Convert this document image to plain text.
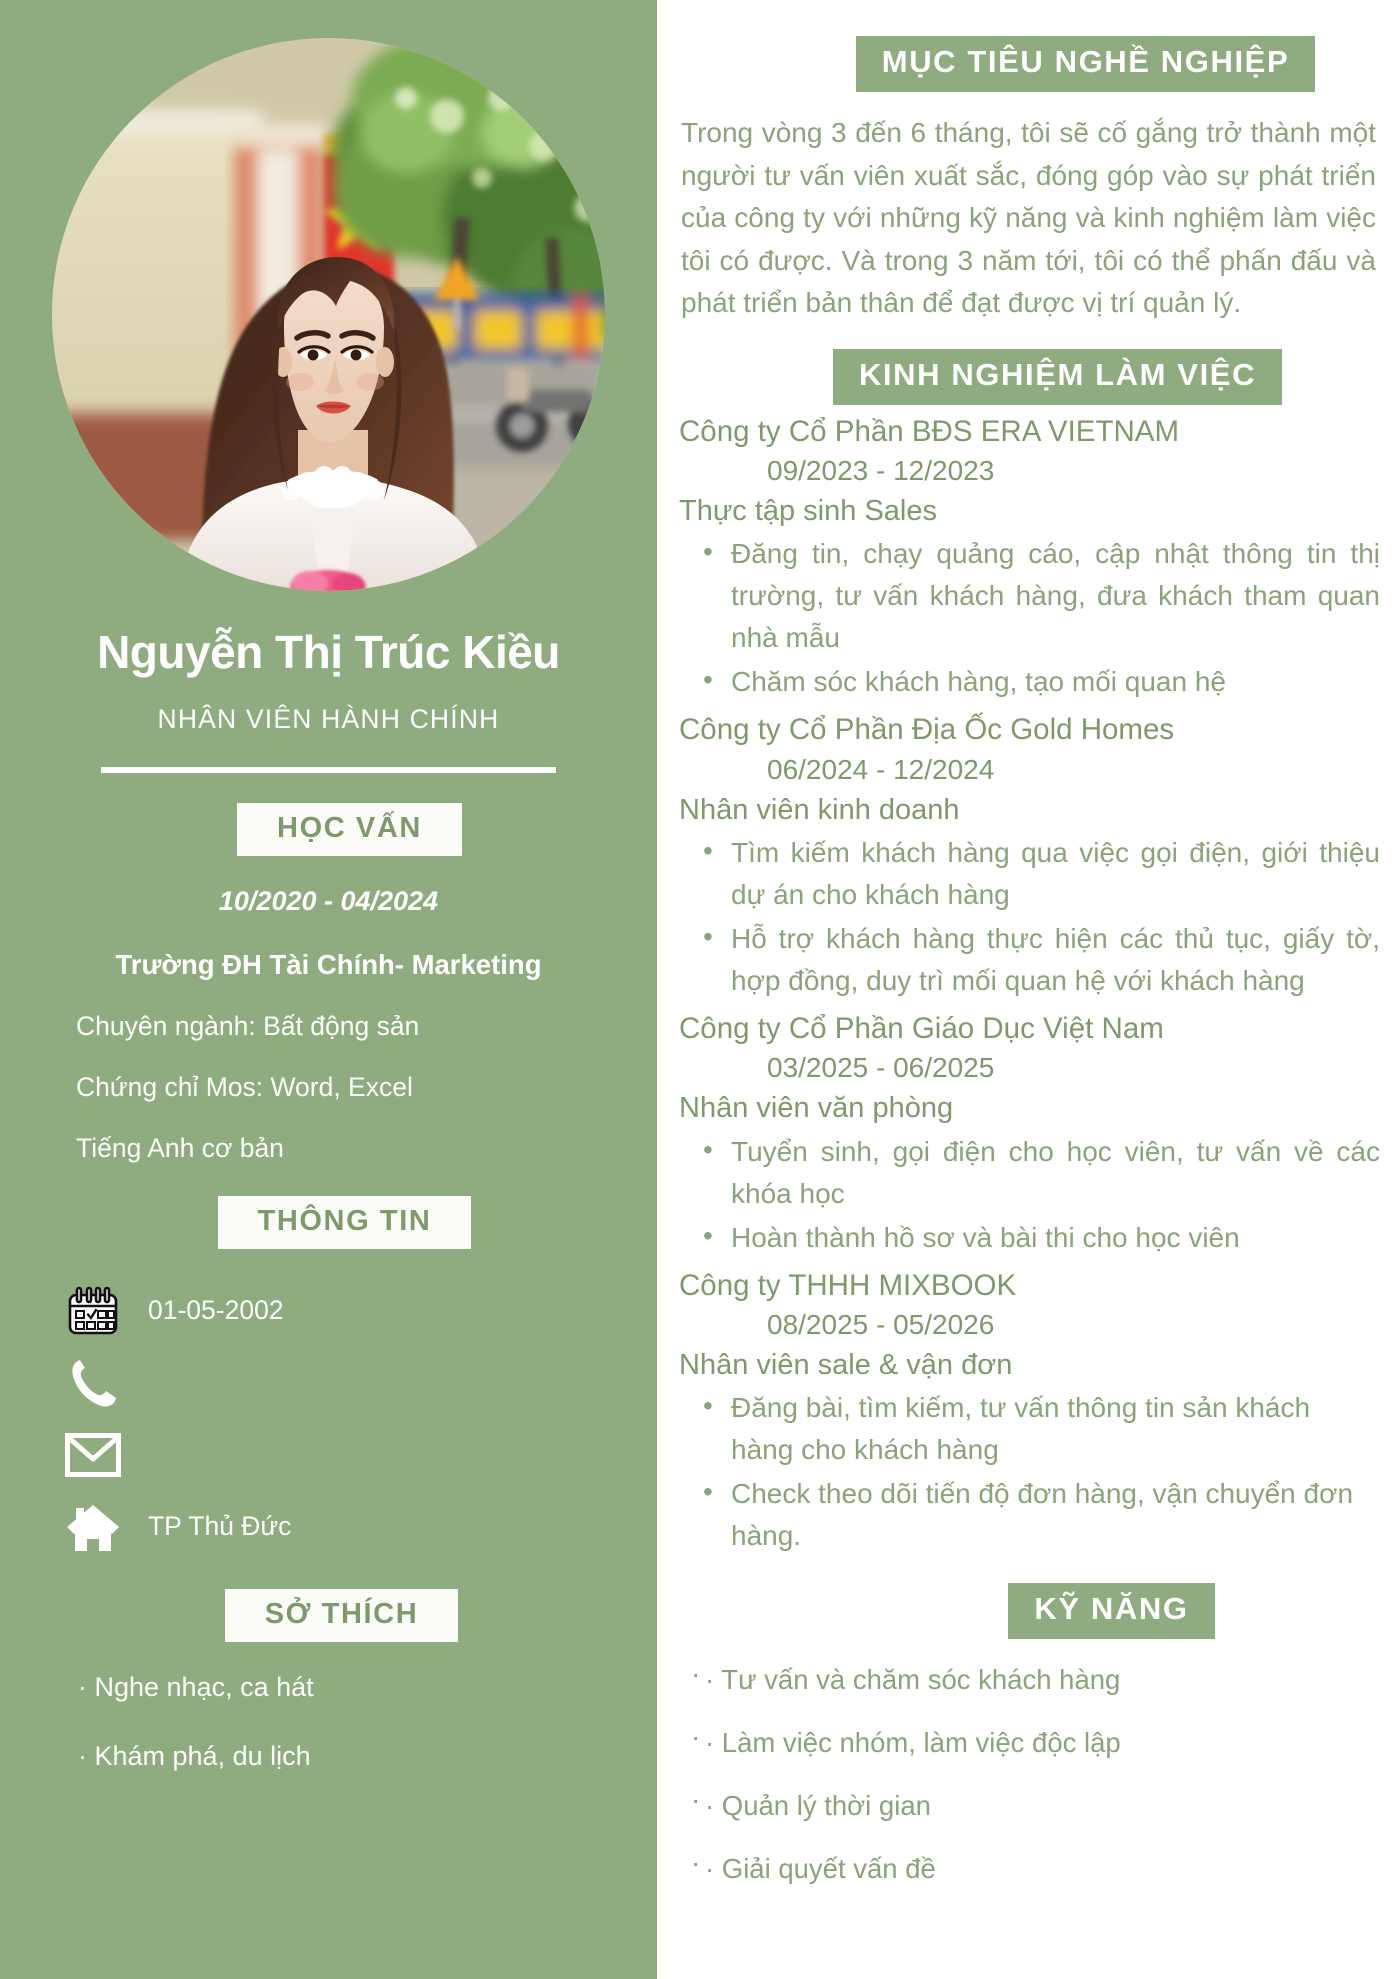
Nguyễn Thị Trúc Kiều
NHÂN VIÊN HÀNH CHÍNH
HỌC VẤN
10/2020 - 04/2024
Trường ĐH Tài Chính- Marketing
Chuyên ngành: Bất động sản
Chứng chỉ Mos: Word, Excel
Tiếng Anh cơ bản
THÔNG TIN
01-05-2002
TP Thủ Đức
SỞ THÍCH
· Nghe nhạc, ca hát
· Khám phá, du lịch
MỤC TIÊU NGHỀ NGHIỆP

Trong vòng 3 đến 6 tháng, tôi sẽ cố gắng trở thành một người tư vấn viên xuất sắc, đóng góp vào sự phát triển của công ty với những kỹ năng và kinh nghiệm làm việc tôi có được. Và trong 3 năm tới, tôi có thể phấn đấu và phát triển bản thân để đạt được vị trí quản lý.

KINH NGHIỆM LÀM VIỆC
Công ty Cổ Phần BĐS ERA VIETNAM
09/2023 - 12/2023
Thực tập sinh Sales
• Đăng tin, chạy quảng cáo, cập nhật thông tin thị trường, tư vấn khách hàng, đưa khách tham quan nhà mẫu
• Chăm sóc khách hàng, tạo mối quan hệ
Công ty Cổ Phần Địa Ốc Gold Homes
06/2024 - 12/2024
Nhân viên kinh doanh
• Tìm kiếm khách hàng qua việc gọi điện, giới thiệu dự án cho khách hàng
• Hỗ trợ khách hàng thực hiện các thủ tục, giấy tờ, hợp đồng, duy trì mối quan hệ với khách hàng
Công ty Cổ Phần Giáo Dục Việt Nam
03/2025 - 06/2025
Nhân viên văn phòng
• Tuyển sinh, gọi điện cho học viên, tư vấn về các khóa học
• Hoàn thành hồ sơ và bài thi cho học viên
Công ty THHH MIXBOOK
08/2025 - 05/2026
Nhân viên sale & vận đơn
• Đăng bài, tìm kiếm, tư vấn thông tin sản khách hàng cho khách hàng
• Check theo dõi tiến độ đơn hàng, vận chuyển đơn hàng.
KỸ NĂNG
· · Tư vấn và chăm sóc khách hàng
· · Làm việc nhóm, làm việc độc lập
· · Quản lý thời gian
· · Giải quyết vấn đề
